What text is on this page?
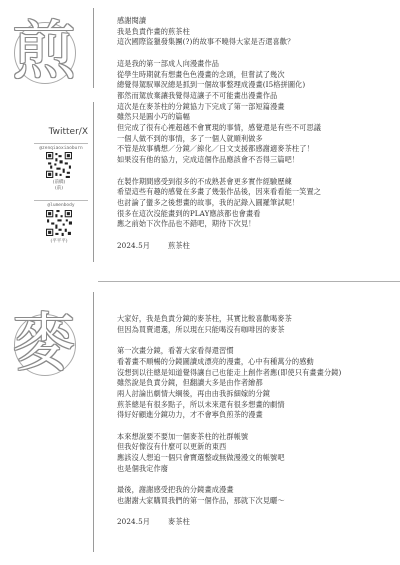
煎
Twitter/X
@zenqiaoxiaoburn
(前橋)
(前)
@lumenbody
(平平平)
感謝閱讀
我是負責作畫的煎茶柱
這次國際盜獵發集團(?)的故事不曉得大家是否還喜歡？
這是我的第一部成人向漫畫作品
從學生時期就有想畫色色漫畫的念頭，但嘗試了幾次
總覺得駕馭畢況總是抓到一個故事整理成漫畫(I5格拼圖化)
都然而駕放棄讓我覺得這讓子不可能畫出漫畫作品
這次是在麥茶柱的分鏡協力下完成了第一部短篇漫畫
雖然只是圓小巧的篇幅
但完成了很有心裡超越不會實現的事情，感覺還是有些不可思議
一個人做不到的事情，多了一個人就順利做多
不管是故事構想／分鏡／線化／日文支援都感謝適麥茶柱了！
如果沒有他的協力，完成這個作品應該會不否得三篇吧！
在製作期間感受到很多的不成熟甚會更多實作經驗歷練
希望這些有趣的感覺在多畫了幾張作品後，因來看看能一笑置之
也討論了蠻多之後想畫的故事，我的記錄入圓羅筆試呢！
很多在這次沒能畫到的PLAY應該都也會畫看
應之前始下次作品也不錯吧，期待下次見！
2024.5月	煎茶柱
麥	大家好，我是負責分鏡的麥茶柱，其實比較喜歡喝麥茶
但因為買賣還選，所以現在只能喝沒有咖啡因的麥茶
第一次畫分鏡，看著大家看得還習慣
看著畫不順暢的分鏡圖讀成漂亮的漫畫，心中有種萬分的感動
沒想到以往總是知道覺得讓自己也能走上創作者應(即使只有畫畫分鏡)
雖然說是負責分鏡，但翻讀大多是由作者繪都
兩人討論出劇情大綱後，再由由我拆細嫁的分鏡
煎茶總是有很多點子，所以未來還有很多想畫的劇情
得好好顧進分鏡功力，才不會寧負煎茶的漫畫
本來想說要不要加一個麥茶柱的社群帳號
但我好像沒有什麼可以更新的東西
應該沒人想追一個只會寶選整或無做漫漫文的帳號吧
也是個我定作廢
最後，謝謝感受把我的分鏡畫成漫畫
也謝謝大家購買我們的第一個作品，那就下次見曬～
2024.5月	麥茶柱
